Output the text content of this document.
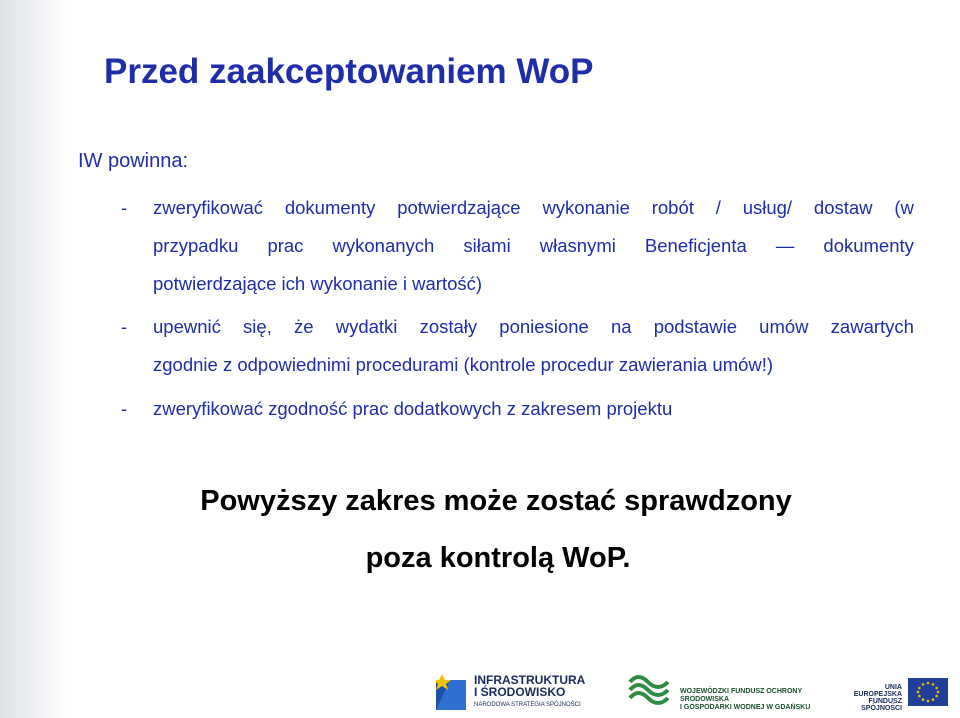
Przed zaakceptowaniem WoP

IW powinna:

- zweryfikować dokumenty potwierdzające wykonanie robót / usług/ dostaw (w
przypadku prac wykonanych siłami własnymi Beneficjenta — dokumenty
potwierdzające ich wykonanie i wartość)
- upewnić się, że wydatki zostały poniesione na podstawie umów zawartych
zgodnie z odpowiednimi procedurami (kontrole procedur zawierania umów!)
- zweryfikować zgodność prac dodatkowych z zakresem projektu
Powyższy zakres może zostać sprawdzony
poza kontrolą WoP.
INFRASTRUKTURA
I ŚRODOWISKO
NARODOWA STRATEGIA SPÓJNOŚCI
WOJEWÓDZKI FUNDUSZ OCHRONY ŚRODOWISKA
I GOSPODARKI WODNEJ W GDAŃSKU
UNIA EUROPEJSKA
FUNDUSZ
SPÓJNOŚCI
